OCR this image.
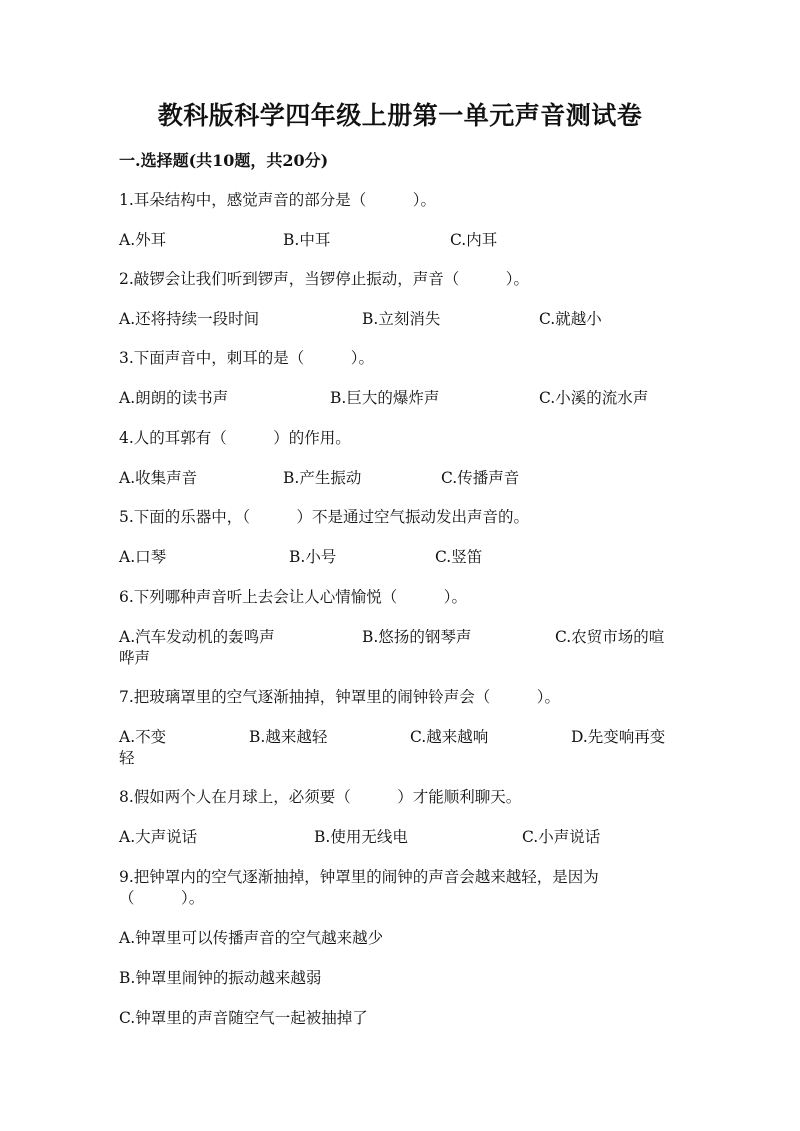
教科版科学四年级上册第一单元声音测试卷
一.选择题(共10题，共20分)
1.耳朵结构中，感觉声音的部分是（　　　）。
A.外耳	B.中耳	C.内耳
2.敲锣会让我们听到锣声，当锣停止振动，声音（　　　）。
A.还将持续一段时间	B.立刻消失	C.就越小
3.下面声音中，刺耳的是（　　　）。
A.朗朗的读书声	B.巨大的爆炸声	C.小溪的流水声
4.人的耳郭有（　　　）的作用。
A.收集声音	B.产生振动	C.传播声音
5.下面的乐器中，（　　　）不是通过空气振动发出声音的。
A.口琴	B.小号	C.竖笛
6.下列哪种声音听上去会让人心情愉悦（　　　）。
A.汽车发动机的轰鸣声	B.悠扬的钢琴声	C.农贸市场的喧
哗声
7.把玻璃罩里的空气逐渐抽掉，钟罩里的闹钟铃声会（　　　）。
A.不变	B.越来越轻	C.越来越响	D.先变响再变
轻
8.假如两个人在月球上，必须要（　　　）才能顺利聊天。
A.大声说话	B.使用无线电	C.小声说话
9.把钟罩内的空气逐渐抽掉，钟罩里的闹钟的声音会越来越轻，是因为
（　　　）。
A.钟罩里可以传播声音的空气越来越少
B.钟罩里闹钟的振动越来越弱
C.钟罩里的声音随空气一起被抽掉了
